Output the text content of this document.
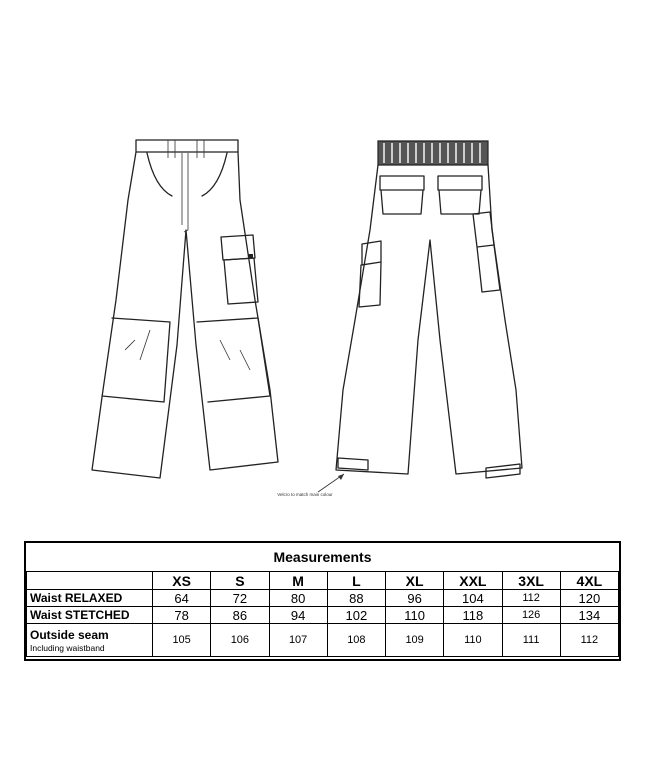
Velcro to match main colour
Measurements								
	XS	S	M	L	XL	XXL	3XL	4XL
Waist RELAXED	64	72	80	88	96	104	112	120
Waist STETCHED	78	86	94	102	110	118	126	134
Outside seam
Including waistband	105	106	107	108	109	110	111	112
